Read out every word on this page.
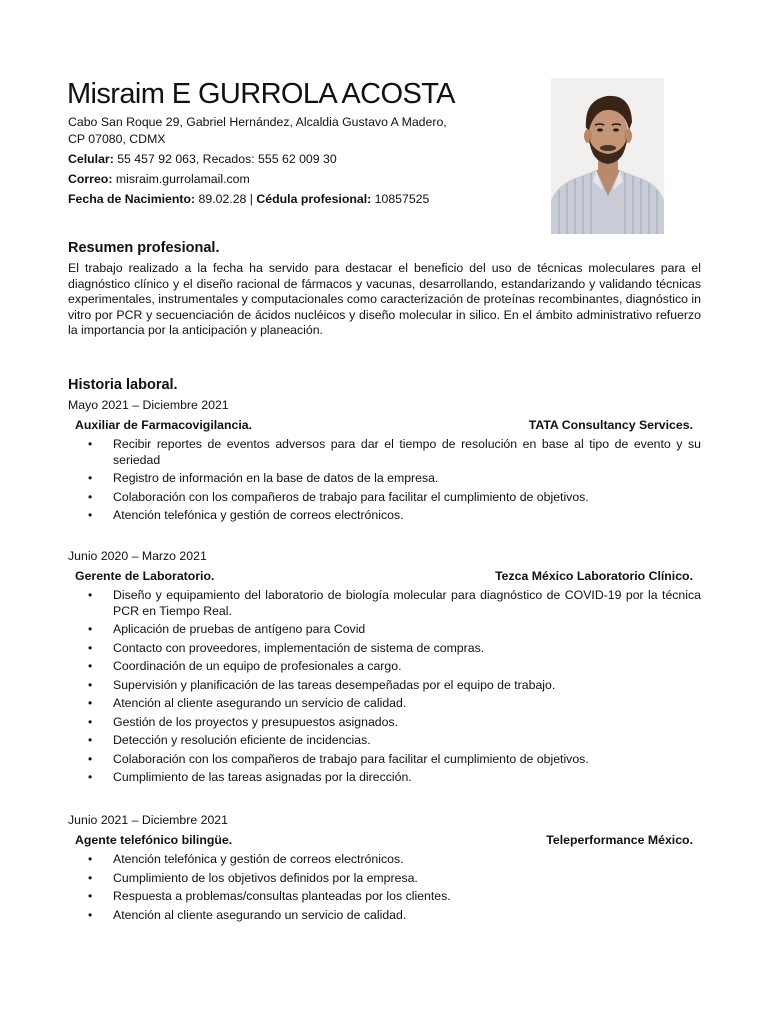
Misraim E GURROLA ACOSTA
Cabo San Roque 29, Gabriel Hernández, Alcaldia Gustavo A Madero,
CP 07080, CDMX
Celular: 55 457 92 063, Recados: 555 62 009 30
Correo: misraim.gurrolamail.com
Fecha de Nacimiento: 89.02.28 | Cédula profesional: 10857525
Resumen profesional.
El trabajo realizado a la fecha ha servido para destacar el beneficio del uso de técnicas moleculares para el diagnóstico clínico y el diseño racional de fármacos y vacunas, desarrollando, estandarizando y validando técnicas experimentales, instrumentales y computacionales como caracterización de proteínas recombinantes, diagnóstico in vitro por PCR y secuenciación de ácidos nucléicos y diseño molecular in silico. En el ámbito administrativo refuerzo la importancia por la anticipación y planeación.
Historia laboral.
Mayo 2021 – Diciembre 2021
Auxiliar de Farmacovigilancia.	TATA Consultancy Services.
• Recibir reportes de eventos adversos para dar el tiempo de resolución en base al tipo de evento y su seriedad
• Registro de información en la base de datos de la empresa.
• Colaboración con los compañeros de trabajo para facilitar el cumplimiento de objetivos.
• Atención telefónica y gestión de correos electrónicos.
Junio 2020 – Marzo 2021
Gerente de Laboratorio.	Tezca México Laboratorio Clínico.
• Diseño y equipamiento del laboratorio de biología molecular para diagnóstico de COVID-19 por la técnica PCR en Tiempo Real.
• Aplicación de pruebas de antígeno para Covid
• Contacto con proveedores, implementación de sistema de compras.
• Coordinación de un equipo de profesionales a cargo.
• Supervisión y planificación de las tareas desempeñadas por el equipo de trabajo.
• Atención al cliente asegurando un servicio de calidad.
• Gestión de los proyectos y presupuestos asignados.
• Detección y resolución eficiente de incidencias.
• Colaboración con los compañeros de trabajo para facilitar el cumplimiento de objetivos.
• Cumplimiento de las tareas asignadas por la dirección.
Junio 2021 – Diciembre 2021
Agente telefónico bilingüe.	Teleperformance México.
• Atención telefónica y gestión de correos electrónicos.
• Cumplimiento de los objetivos definidos por la empresa.
• Respuesta a problemas/consultas planteadas por los clientes.
• Atención al cliente asegurando un servicio de calidad.
